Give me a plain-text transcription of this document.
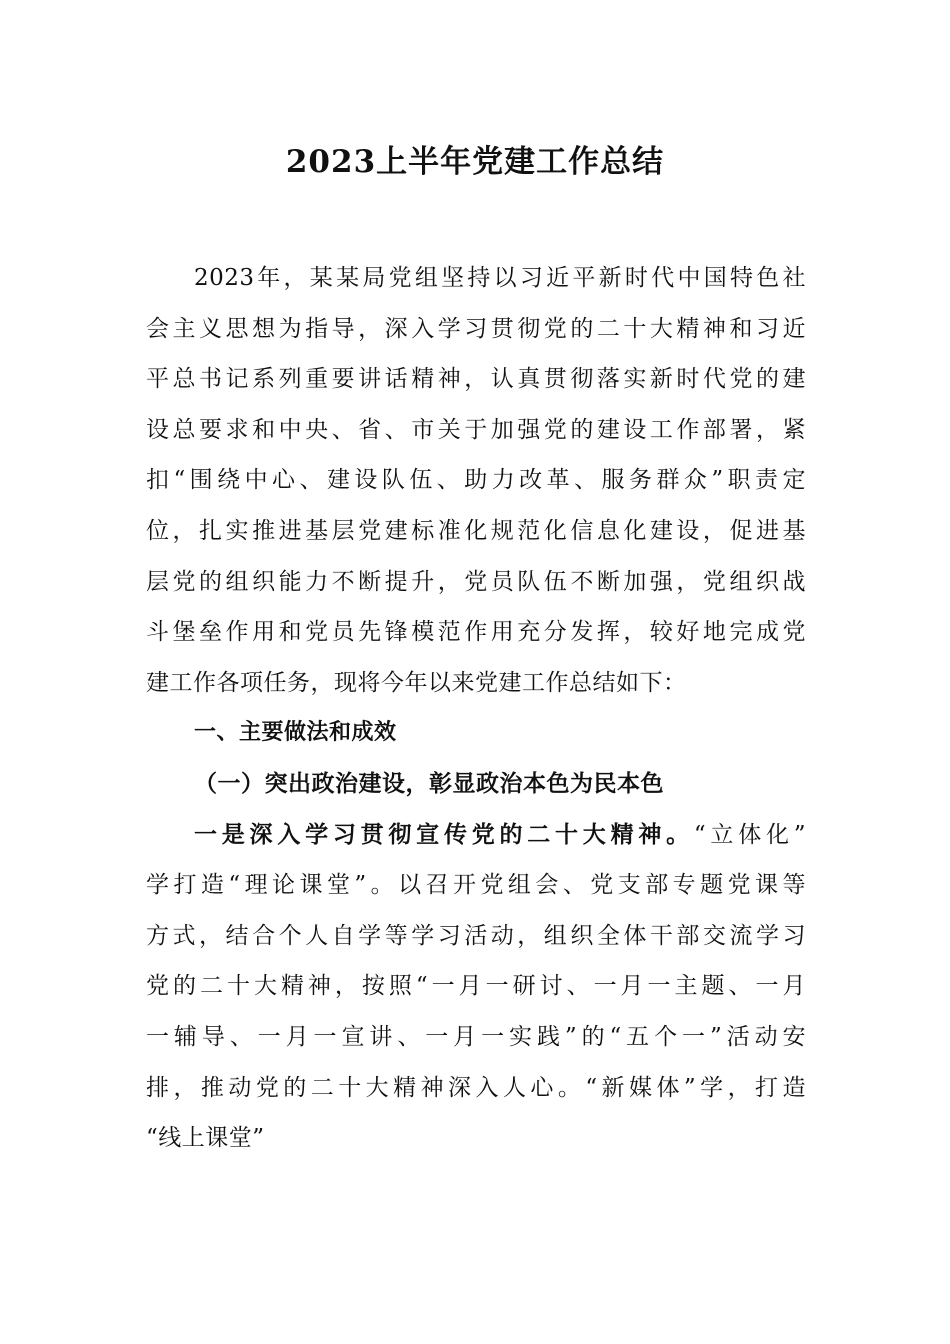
2023上半年党建工作总结
2023年，某某局党组坚持以习近平新时代中国特色社
会主义思想为指导，深入学习贯彻党的二十大精神和习近
平总书记系列重要讲话精神，认真贯彻落实新时代党的建
设总要求和中央、省、市关于加强党的建设工作部署，紧
扣“围绕中心、建设队伍、助力改革、服务群众”职责定
位，扎实推进基层党建标准化规范化信息化建设，促进基
层党的组织能力不断提升，党员队伍不断加强，党组织战
斗堡垒作用和党员先锋模范作用充分发挥，较好地完成党
建工作各项任务，现将今年以来党建工作总结如下：
一、主要做法和成效
（一）突出政治建设，彰显政治本色为民本色
一是深入学习贯彻宣传党的二十大精神。“立体化”
学打造“理论课堂”。以召开党组会、党支部专题党课等
方式，结合个人自学等学习活动，组织全体干部交流学习
党的二十大精神，按照“一月一研讨、一月一主题、一月
一辅导、一月一宣讲、一月一实践”的“五个一”活动安
排，推动党的二十大精神深入人心。“新媒体”学，打造
“线上课堂”
